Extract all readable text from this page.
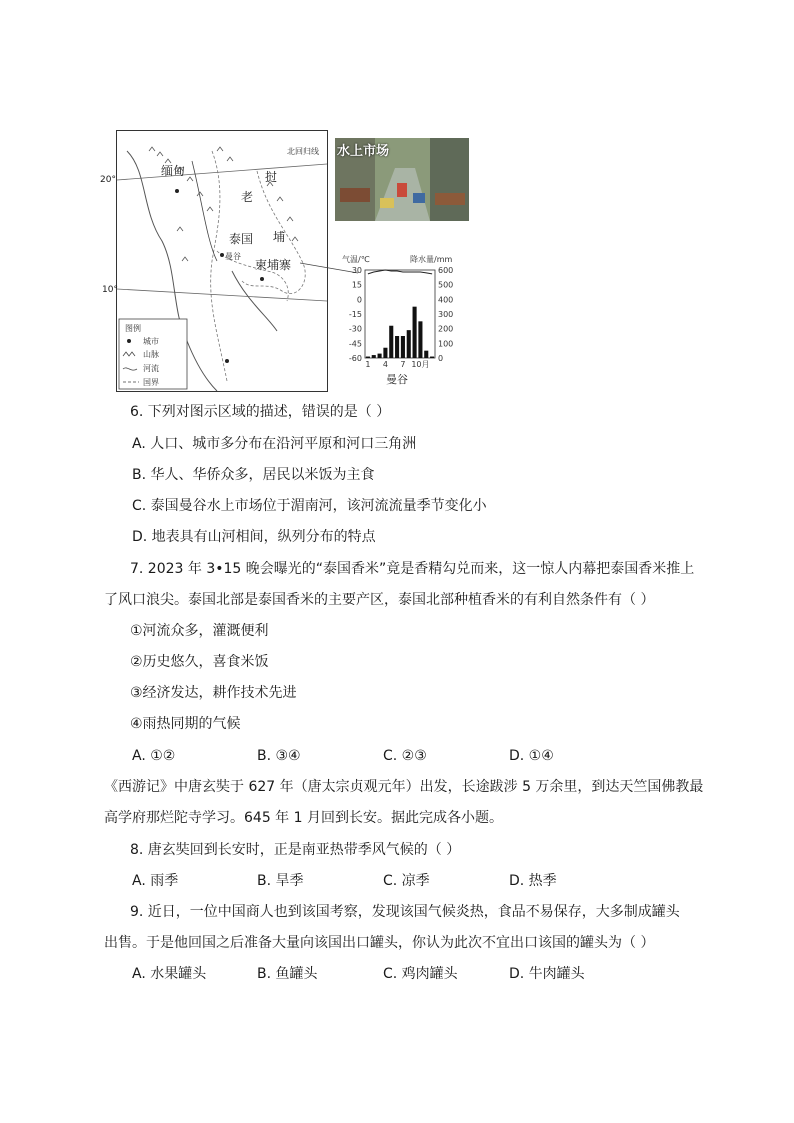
缅甸	挝
老
泰国 埔
柬埔寨
曼谷
北回归线
图例
城市
山脉
河流
国界
20°
10°
水上市场
气温/℃	降水量/mm
30
15
0
-15
-30
-45
-60
600
500
400
300
200
100
0
1 4 7 10月
曼谷
6. 下列对图示区域的描述，错误的是（ ）
A. 人口、城市多分布在沿河平原和河口三角洲
B. 华人、华侨众多，居民以米饭为主食
C. 泰国曼谷水上市场位于湄南河，该河流流量季节变化小
D. 地表具有山河相间，纵列分布的特点
7. 2023 年 3•15 晚会曝光的“泰国香米”竟是香精勾兑而来，这一惊人内幕把泰国香米推上
了风口浪尖。泰国北部是泰国香米的主要产区，泰国北部种植香米的有利自然条件有（ ）
①河流众多，灌溉便利
②历史悠久，喜食米饭
③经济发达，耕作技术先进
④雨热同期的气候
A. ①②	B. ③④	C. ②③	D. ①④
《西游记》中唐玄奘于 627 年（唐太宗贞观元年）出发，长途跋涉 5 万余里，到达天竺国佛教最
高学府那烂陀寺学习。645 年 1 月回到长安。据此完成各小题。
8. 唐玄奘回到长安时，正是南亚热带季风气候的（ ）
A. 雨季	B. 旱季	C. 凉季	D. 热季
9. 近日，一位中国商人也到该国考察，发现该国气候炎热，食品不易保存，大多制成罐头
出售。于是他回国之后准备大量向该国出口罐头，你认为此次不宜出口该国的罐头为（ ）
A. 水果罐头	B. 鱼罐头	C. 鸡肉罐头	D. 牛肉罐头
